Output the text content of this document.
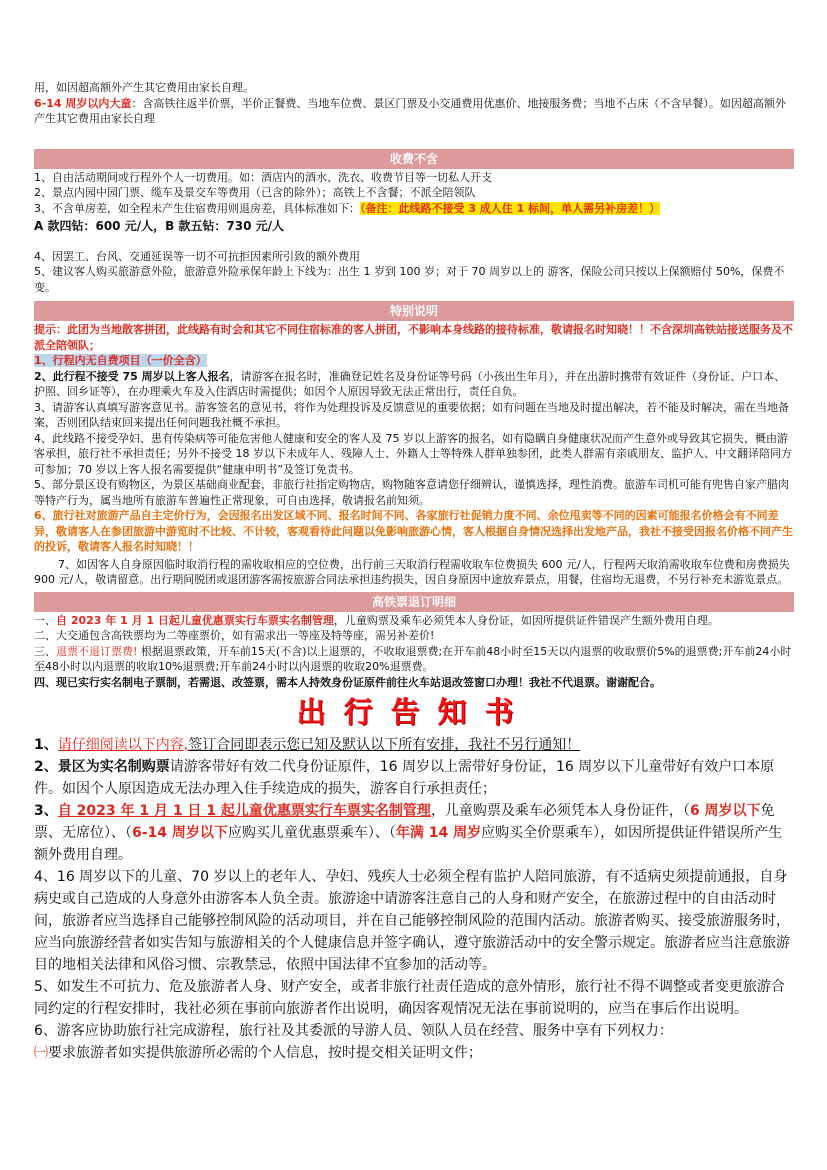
用，如因超高额外产生其它费用由家长自理。

6-14 周岁以内大童：含高铁往返半价票，半价正餐费、当地车位费、景区门票及小交通费用优惠价、地接服务费；当地不占床（不含早餐）。如因超高额外产生其它费用由家长自理

收费不含

1、自由活动期间或行程外个人一切费用。如：酒店内的酒水、洗衣、收费节目等一切私人开支

2、景点内园中园门票、缆车及景交车等费用（已含的除外）；高铁上不含餐；不派全陪领队

3、不含单房差，如全程未产生住宿费用则退房差，具体标准如下：（备注：此线路不接受 3 成人住 1 标间，单人需另补房差！）

A 款四钻：600 元/人，B 款五钻：730 元/人

4、因罢工、台风、交通延误等一切不可抗拒因素所引致的额外费用

5、建议客人购买旅游意外险，旅游意外险承保年龄上下线为：出生 1 岁到 100 岁；对于 70 周岁以上的 游客，保险公司只按以上保额赔付 50%，保费不变。

特别说明

提示：此团为当地散客拼团，此线路有时会和其它不同住宿标准的客人拼团，不影响本身线路的接待标准，敬请报名时知晓！！不含深圳高铁站接送服务及不派全陪领队；

1、行程内无自费项目（一价全含）

2、此行程不接受 75 周岁以上客人报名，请游客在报名时，准确登记姓名及身份证等号码（小孩出生年月），并在出游时携带有效证件（身份证、户口本、护照、回乡证等），在办理乘火车及入住酒店时需提供；如因个人原因导致无法正常出行，责任自负。

3、请游客认真填写游客意见书。游客签名的意见书，将作为处理投诉及反馈意见的重要依据；如有问题在当地及时提出解决，若不能及时解决，需在当地备案，否则团队结束回来提出任何问题我社概不承担。

4、此线路不接受孕妇、患有传染病等可能危害他人健康和安全的客人及 75 岁以上游客的报名，如有隐瞒自身健康状况而产生意外或导致其它损失，概由游客承担，旅行社不承担责任；另外不接受 18 岁以下未成年人、残障人士、外籍人士等特殊人群单独参团，此类人群需有亲戚朋友、监护人、中文翻译陪同方可参加；70 岁以上客人报名需要提供“健康申明书”及签订免责书。

5、部分景区设有购物区，为景区基础商业配套，非旅行社指定购物店，购物随客意请您仔细辨认，谨慎选择，理性消费。旅游车司机可能有兜售自家产腊肉等特产行为，属当地所有旅游车普遍性正常现象，可自由选择，敬请报名前知须。

6、旅行社对旅游产品自主定价行为，会因报名出发区域不同、报名时间不同、各家旅行社促销力度不同、余位甩卖等不同的因素可能报名价格会有不同差异，敬请客人在参团旅游中游览时不比较、不计较，客观看待此问题以免影响旅游心情，客人根据自身情况选择出发地产品，我社不接受因报名价格不同产生的投诉，敬请客人报名时知晓！！

7、如因客人自身原因临时取消行程的需收取相应的空位费，出行前三天取消行程需收取车位费损失 600 元/人，行程两天取消需收取车位费和房费损失 900 元/人，敬请留意。出行期间脱团或退团游客需按旅游合同法承担违约损失，因自身原因中途放弃景点，用餐，住宿均无退费，不另行补充未游览景点。

高铁票退订明细

一、自 2023 年 1 月 1 日起儿童优惠票实行车票实名制管理，儿童购票及乘车必须凭本人身份证，如因所提供证件错误产生额外费用自理。

二、大交通包含高铁票均为二等座票价，如有需求出一等座及特等座，需另补差价!

三、退票不退订票费! 根据退票政策，开车前15天(不含)以上退票的，不收取退票费;在开车前48小时至15天以内退票的收取票价5%的退票费;开车前24小时至48小时以内退票的收取10%退票费;开车前24小时以内退票的收取20%退票费。

四、现已实行实名制电子票制，若需退、改签票，需本人持效身份证原件前往火车站退改签窗口办理！我社不代退票。谢谢配合。

出行告知书

1、请仔细阅读以下内容,签订合同即表示您已知及默认以下所有安排，我社不另行通知！

2、景区为实名制购票请游客带好有效二代身份证原件，16 周岁以上需带好身份证，16 周岁以下儿童带好有效户口本原件。如因个人原因造成无法办理入住手续造成的损失，游客自行承担责任；

3、自 2023 年 1 月 1 日 1 起儿童优惠票实行车票实名制管理，儿童购票及乘车必须凭本人身份证件，（6 周岁以下免票、无席位）、（6-14 周岁以下应购买儿童优惠票乘车）、（年满 14 周岁应购买全价票乘车），如因所提供证件错误所产生额外费用自理。

4、16 周岁以下的儿童、70 岁以上的老年人、孕妇、残疾人士必须全程有监护人陪同旅游，有不适病史须提前通报，自身病史或自己造成的人身意外由游客本人负全责。旅游途中请游客注意自己的人身和财产安全，在旅游过程中的自由活动时间，旅游者应当选择自己能够控制风险的活动项目，并在自己能够控制风险的范围内活动。旅游者购买、接受旅游服务时，应当向旅游经营者如实告知与旅游相关的个人健康信息并签字确认，遵守旅游活动中的安全警示规定。旅游者应当注意旅游目的地相关法律和风俗习惯、宗教禁忌，依照中国法律不宜参加的活动等。

5、如发生不可抗力、危及旅游者人身、财产安全，或者非旅行社责任造成的意外情形，旅行社不得不调整或者变更旅游合同约定的行程安排时，我社必须在事前向旅游者作出说明，确因客观情况无法在事前说明的，应当在事后作出说明。

6、游客应协助旅行社完成游程，旅行社及其委派的导游人员、领队人员在经营、服务中享有下列权力：

㈠要求旅游者如实提供旅游所必需的个人信息，按时提交相关证明文件；
